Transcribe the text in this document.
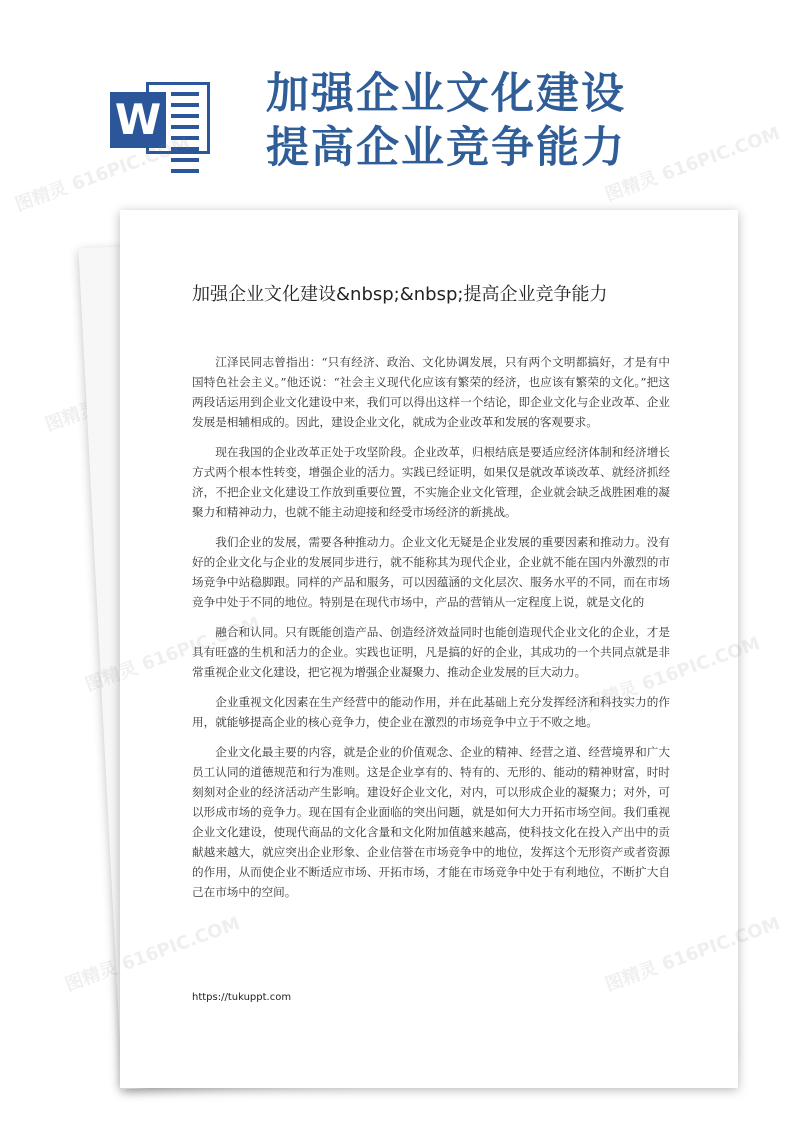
W
加强企业文化建设
提高企业竞争能力
图精灵 616PIC.COM
图精灵
图精灵 616PIC.COM
加强企业文化建设&nbsp;&nbsp;提高企业竞争能力

江泽民同志曾指出：“只有经济、政治、文化协调发展，只有两个文明都搞好，才是有中国特色社会主义。”他还说：“社会主义现代化应该有繁荣的经济，也应该有繁荣的文化。”把这两段话运用到企业文化建设中来，我们可以得出这样一个结论，即企业文化与企业改革、企业发展是相辅相成的。因此，建设企业文化，就成为企业改革和发展的客观要求。

现在我国的企业改革正处于攻坚阶段。企业改革，归根结底是要适应经济体制和经济增长方式两个根本性转变，增强企业的活力。实践已经证明，如果仅是就改革谈改革、就经济抓经济，不把企业文化建设工作放到重要位置，不实施企业文化管理，企业就会缺乏战胜困难的凝聚力和精神动力，也就不能主动迎接和经受市场经济的新挑战。

我们企业的发展，需要各种推动力。企业文化无疑是企业发展的重要因素和推动力。没有好的企业文化与企业的发展同步进行，就不能称其为现代企业，企业就不能在国内外激烈的市场竞争中站稳脚跟。同样的产品和服务，可以因蕴涵的文化层次、服务水平的不同，而在市场竞争中处于不同的地位。特别是在现代市场中，产品的营销从一定程度上说，就是文化的

融合和认同。只有既能创造产品、创造经济效益同时也能创造现代企业文化的企业，才是具有旺盛的生机和活力的企业。实践也证明，凡是搞的好的企业，其成功的一个共同点就是非常重视企业文化建设，把它视为增强企业凝聚力、推动企业发展的巨大动力。

企业重视文化因素在生产经营中的能动作用，并在此基础上充分发挥经济和科技实力的作用，就能够提高企业的核心竞争力，使企业在激烈的市场竞争中立于不败之地。

企业文化最主要的内容，就是企业的价值观念、企业的精神、经营之道、经营境界和广大员工认同的道德规范和行为准则。这是企业享有的、特有的、无形的、能动的精神财富，时时刻刻对企业的经济活动产生影响。建设好企业文化，对内，可以形成企业的凝聚力；对外，可以形成市场的竞争力。现在国有企业面临的突出问题，就是如何大力开拓市场空间。我们重视企业文化建设，使现代商品的文化含量和文化附加值越来越高，使科技文化在投入产出中的贡献越来越大，就应突出企业形象、企业信誉在市场竞争中的地位，发挥这个无形资产或者资源的作用，从而使企业不断适应市场、开拓市场，才能在市场竞争中处于有利地位，不断扩大自己在市场中的空间。

https://tukuppt.com
图精灵
